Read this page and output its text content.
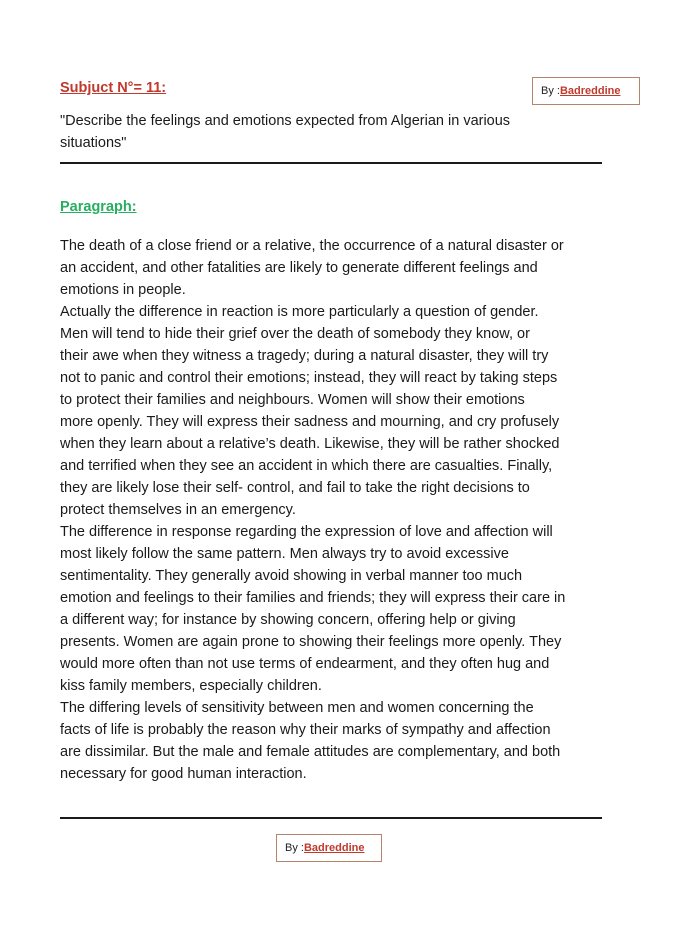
Subjuct N°= 11:	By :Badreddine
"Describe the feelings and emotions expected from Algerian in various
situations"
Paragraph:
The death of a close friend or a relative, the occurrence of a natural disaster or
an accident, and other fatalities are likely to generate different feelings and
emotions in people.
Actually the difference in reaction is more particularly a question of gender.
Men will tend to hide their grief over the death of somebody they know, or
their awe when they witness a tragedy; during a natural disaster, they will try
not to panic and control their emotions; instead, they will react by taking steps
to protect their families and neighbours. Women will show their emotions
more openly. They will express their sadness and mourning, and cry profusely
when they learn about a relative’s death. Likewise, they will be rather shocked
and terrified when they see an accident in which there are casualties. Finally,
they are likely lose their self- control, and fail to take the right decisions to
protect themselves in an emergency.
The difference in response regarding the expression of love and affection will
most likely follow the same pattern. Men always try to avoid excessive
sentimentality. They generally avoid showing in verbal manner too much
emotion and feelings to their families and friends; they will express their care in
a different way; for instance by showing concern, offering help or giving
presents. Women are again prone to showing their feelings more openly. They
would more often than not use terms of endearment, and they often hug and
kiss family members, especially children.
The differing levels of sensitivity between men and women concerning the
facts of life is probably the reason why their marks of sympathy and affection
are dissimilar. But the male and female attitudes are complementary, and both
necessary for good human interaction.
By :Badreddine
